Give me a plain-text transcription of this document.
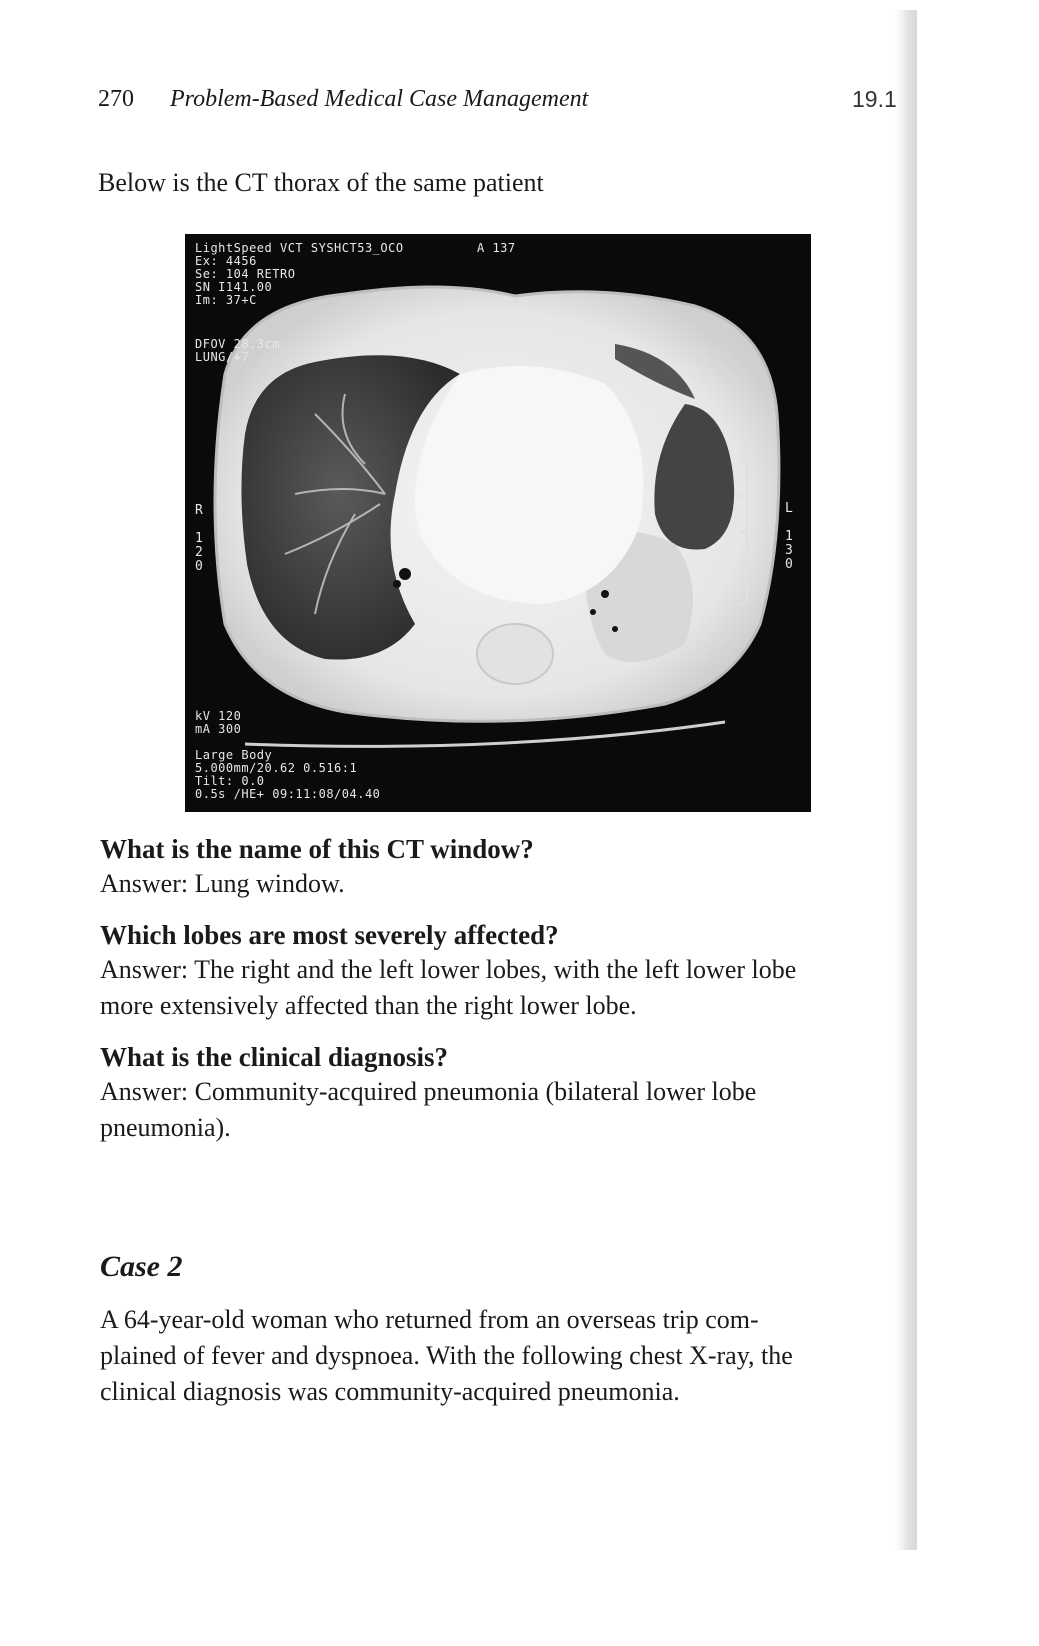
270 Problem-Based Medical Case Management	19.1
Below is the CT thorax of the same patient
LightSpeed VCT SYSHCT53_OCO
Ex: 4456
Se: 104 RETRO
SN I141.00
Im: 37+C
A 137
DFOV 28.3cm
LUNG/+7
R

1
2
0
L

1
3
0
kV 120
mA 300

Large Body
5.000mm/20.62 0.516:1
Tilt: 0.0
0.5s /HE+ 09:11:08/04.40
What is the name of this CT window?

Answer: Lung window.

Which lobes are most severely affected?

Answer: The right and the left lower lobes, with the left lower lobe

more extensively affected than the right lower lobe.

What is the clinical diagnosis?

Answer: Community-acquired pneumonia (bilateral lower lobe

pneumonia).

Case 2

A 64-year-old woman who returned from an overseas trip com-

plained of fever and dyspnoea. With the following chest X-ray, the

clinical diagnosis was community-acquired pneumonia.
